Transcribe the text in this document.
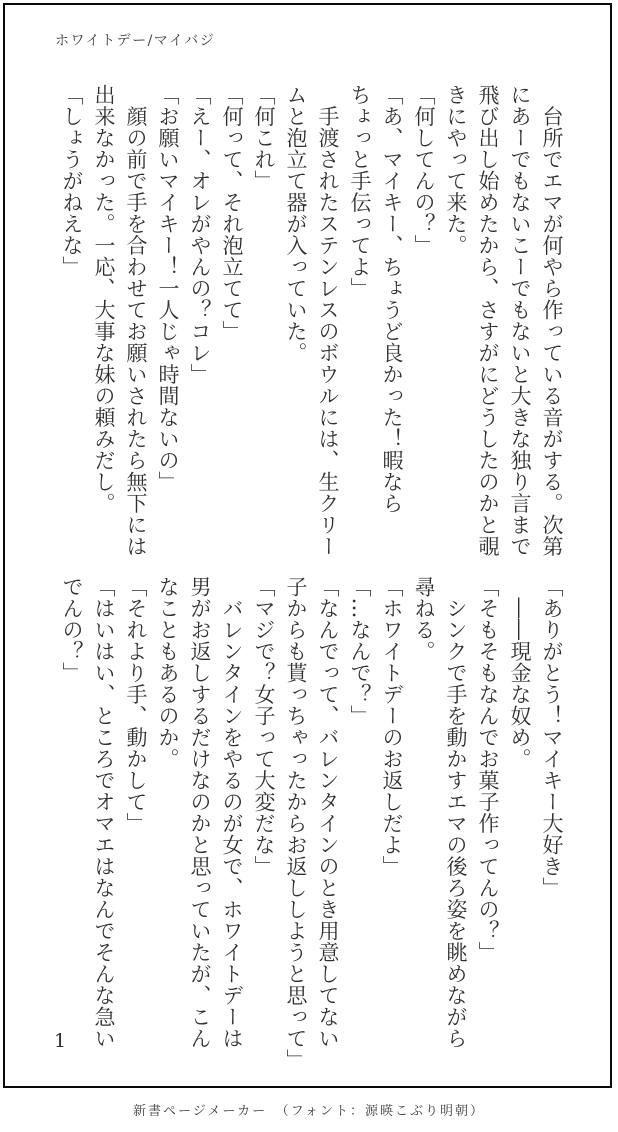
ホワイトデー/マイバジ

　台所でエマが何やら作っている音がする。次第

にあーでもないこーでもないと大きな独り言まで

飛び出し始めたから、さすがにどうしたのかと覗

きにやって来た。

「何してんの？」

「あ、マイキー、ちょうど良かった！暇なら

ちょっと手伝ってよ」

　手渡されたステンレスのボウルには、生クリー

ムと泡立て器が入っていた。

「何これ」

「何って、それ泡立てて」

「えー、オレがやんの？コレ」

「お願いマイキー！一人じゃ時間ないの」

　顔の前で手を合わせてお願いされたら無下には

出来なかった。一応、大事な妹の頼みだし。

「しょうがねえな」

「ありがとう！マイキー大好き」

　――現金な奴め。

「そもそもなんでお菓子作ってんの？」

　シンクで手を動かすエマの後ろ姿を眺めながら

尋ねる。

「ホワイトデーのお返しだよ」

「…なんで？」

「なんでって、バレンタインのとき用意してない

子からも貰っちゃったからお返ししようと思って」

「マジで？女子って大変だな」

　バレンタインをやるのが女で、ホワイトデーは

男がお返しするだけなのかと思っていたが、こん

なこともあるのか。

「それより手、動かして」

「はいはい、ところでオマエはなんでそんな急い

でんの？」

1
新書ページメーカー　（フォント：源暎こぶり明朝）
